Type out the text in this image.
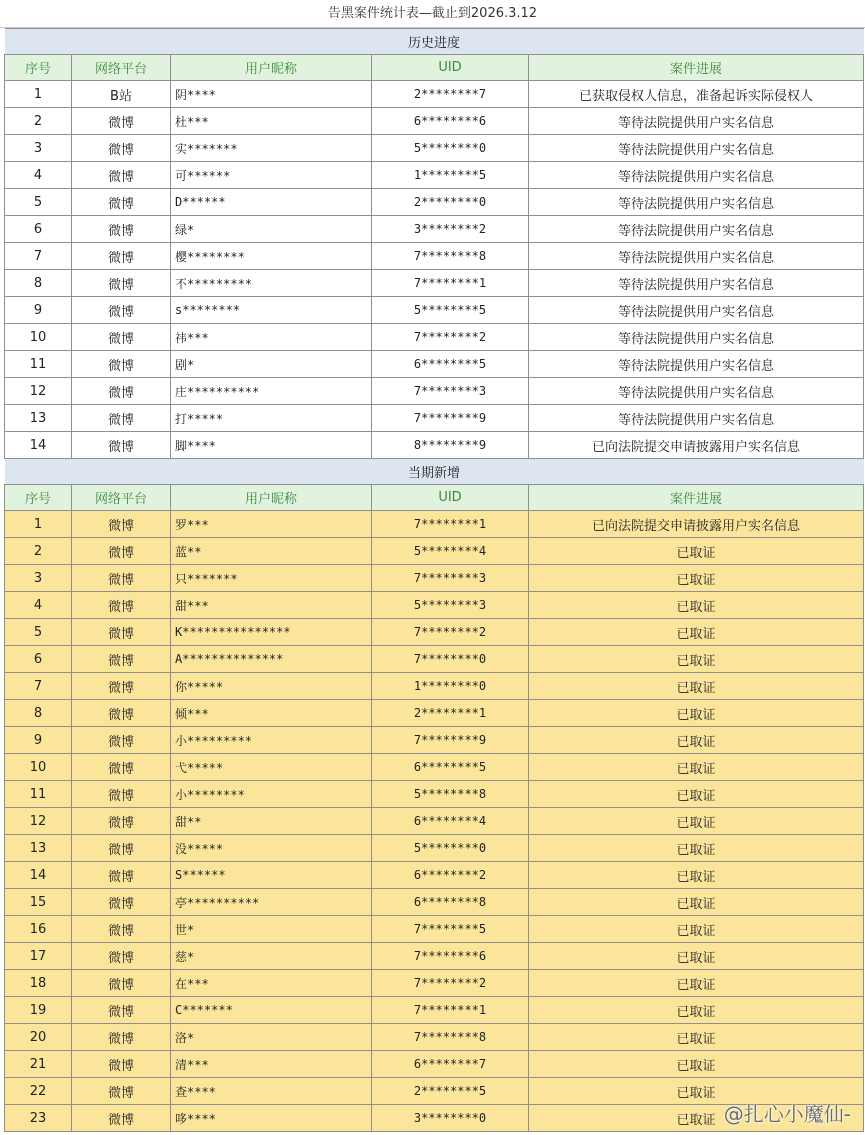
告黑案件统计表—截止到2026.3.12
历史进度				
序号	网络平台	用户昵称	UID	案件进展
1	B站	阴****	2********7	已获取侵权人信息，准备起诉实际侵权人
2	微博	杜***	6********6	等待法院提供用户实名信息
3	微博	实*******	5********0	等待法院提供用户实名信息
4	微博	可******	1********5	等待法院提供用户实名信息
5	微博	D******	2********0	等待法院提供用户实名信息
6	微博	绿*	3********2	等待法院提供用户实名信息
7	微博	樱********	7********8	等待法院提供用户实名信息
8	微博	不*********	7********1	等待法院提供用户实名信息
9	微博	s********	5********5	等待法院提供用户实名信息
10	微博	祎***	7********2	等待法院提供用户实名信息
11	微博	剧*	6********5	等待法院提供用户实名信息
12	微博	庄**********	7********3	等待法院提供用户实名信息
13	微博	打*****	7********9	等待法院提供用户实名信息
14	微博	脚****	8********9	已向法院提交申请披露用户实名信息
当期新增				
序号	网络平台	用户昵称	UID	案件进展
1	微博	罗***	7********1	已向法院提交申请披露用户实名信息
2	微博	蓝**	5********4	已取证
3	微博	只*******	7********3	已取证
4	微博	甜***	5********3	已取证
5	微博	K***************	7********2	已取证
6	微博	A**************	7********0	已取证
7	微博	你*****	1********0	已取证
8	微博	倾***	2********1	已取证
9	微博	小*********	7********9	已取证
10	微博	弋*****	6********5	已取证
11	微博	小********	5********8	已取证
12	微博	甜**	6********4	已取证
13	微博	没*****	5********0	已取证
14	微博	S******	6********2	已取证
15	微博	亭**********	6********8	已取证
16	微博	世*	7********5	已取证
17	微博	慈*	7********6	已取证
18	微博	在***	7********2	已取证
19	微博	C*******	7********1	已取证
20	微博	洛*	7********8	已取证
21	微博	清***	6********7	已取证
22	微博	查****	2********5	已取证
23	微博	哆****	3********0	已取证 @扎心小魔仙-
